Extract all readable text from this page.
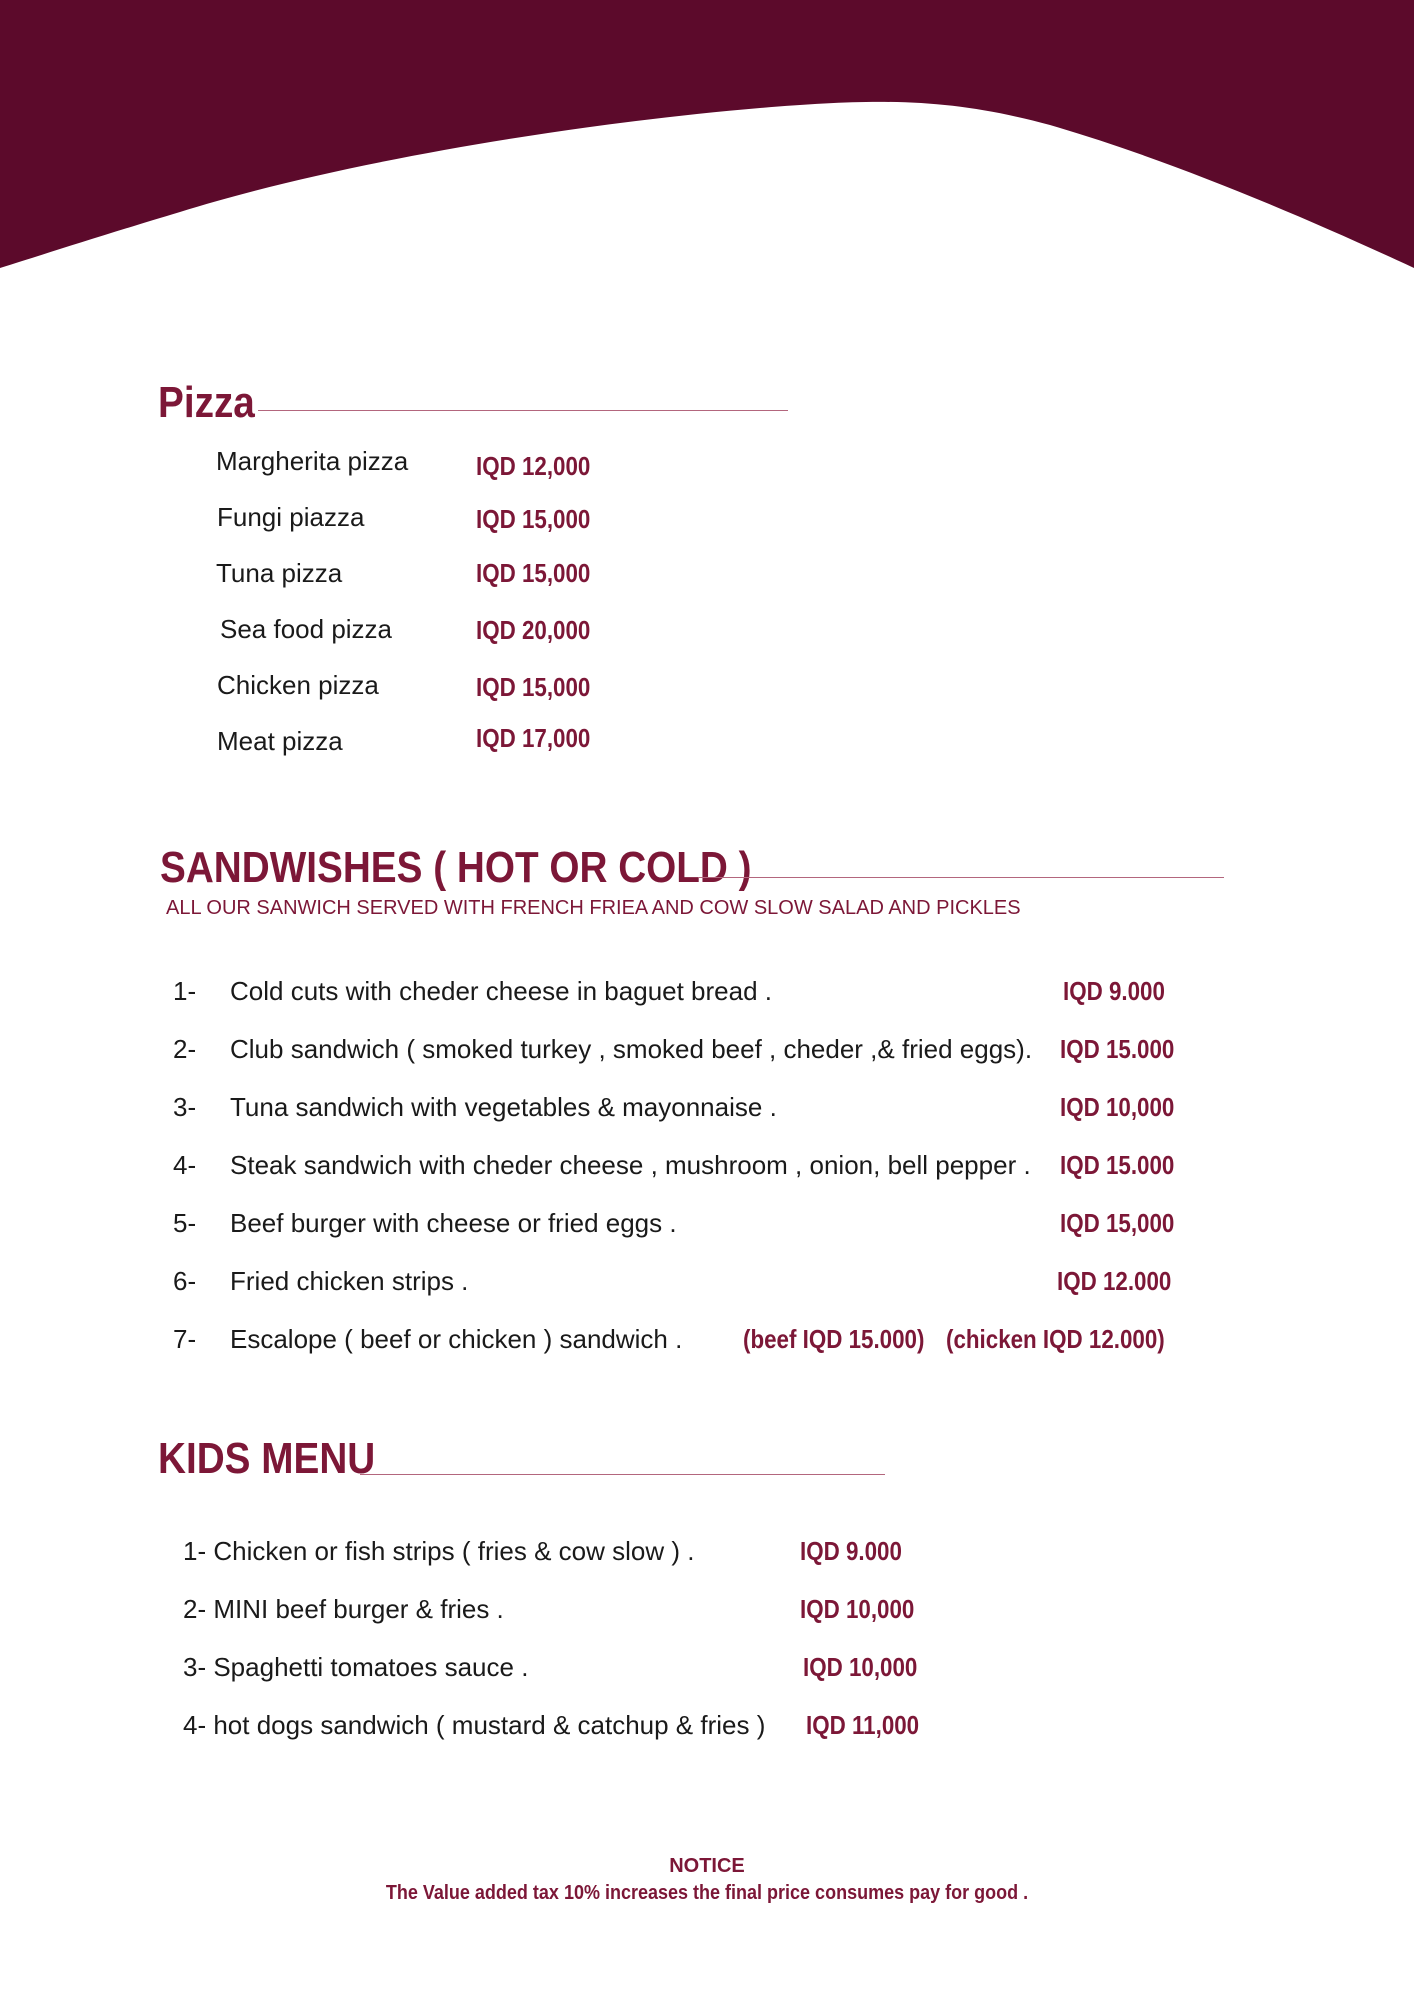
Pizza
Margherita pizza	IQD 12,000
Fungi piazza	IQD 15,000
Tuna pizza	IQD 15,000
Sea food pizza	IQD 20,000
Chicken pizza	IQD 15,000
Meat pizza	IQD 17,000
SANDWISHES ( HOT OR COLD )

ALL OUR SANWICH SERVED WITH FRENCH FRIEA AND COW SLOW SALAD AND PICKLES

1- Cold cuts with cheder cheese in baguet bread .	IQD 9.000
2- Club sandwich ( smoked turkey , smoked beef , cheder ,& fried eggs). IQD 15.000
3- Tuna sandwich with vegetables & mayonnaise .	IQD 10,000
4- Steak sandwich with cheder cheese , mushroom , onion, bell pepper . IQD 15.000
5- Beef burger with cheese or fried eggs .	IQD 15,000
6- Fried chicken strips .	IQD 12.000
7- Escalope ( beef or chicken ) sandwich . (beef IQD 15.000) (chicken IQD 12.000)
KIDS MENU
1- Chicken or fish strips ( fries & cow slow ) .	IQD 9.000
2- MINI beef burger & fries .	IQD 10,000
3- Spaghetti tomatoes sauce .	IQD 10,000
4- hot dogs sandwich ( mustard & catchup & fries ) IQD 11,000

NOTICE

The Value added tax 10% increases the final price consumes pay for good .
